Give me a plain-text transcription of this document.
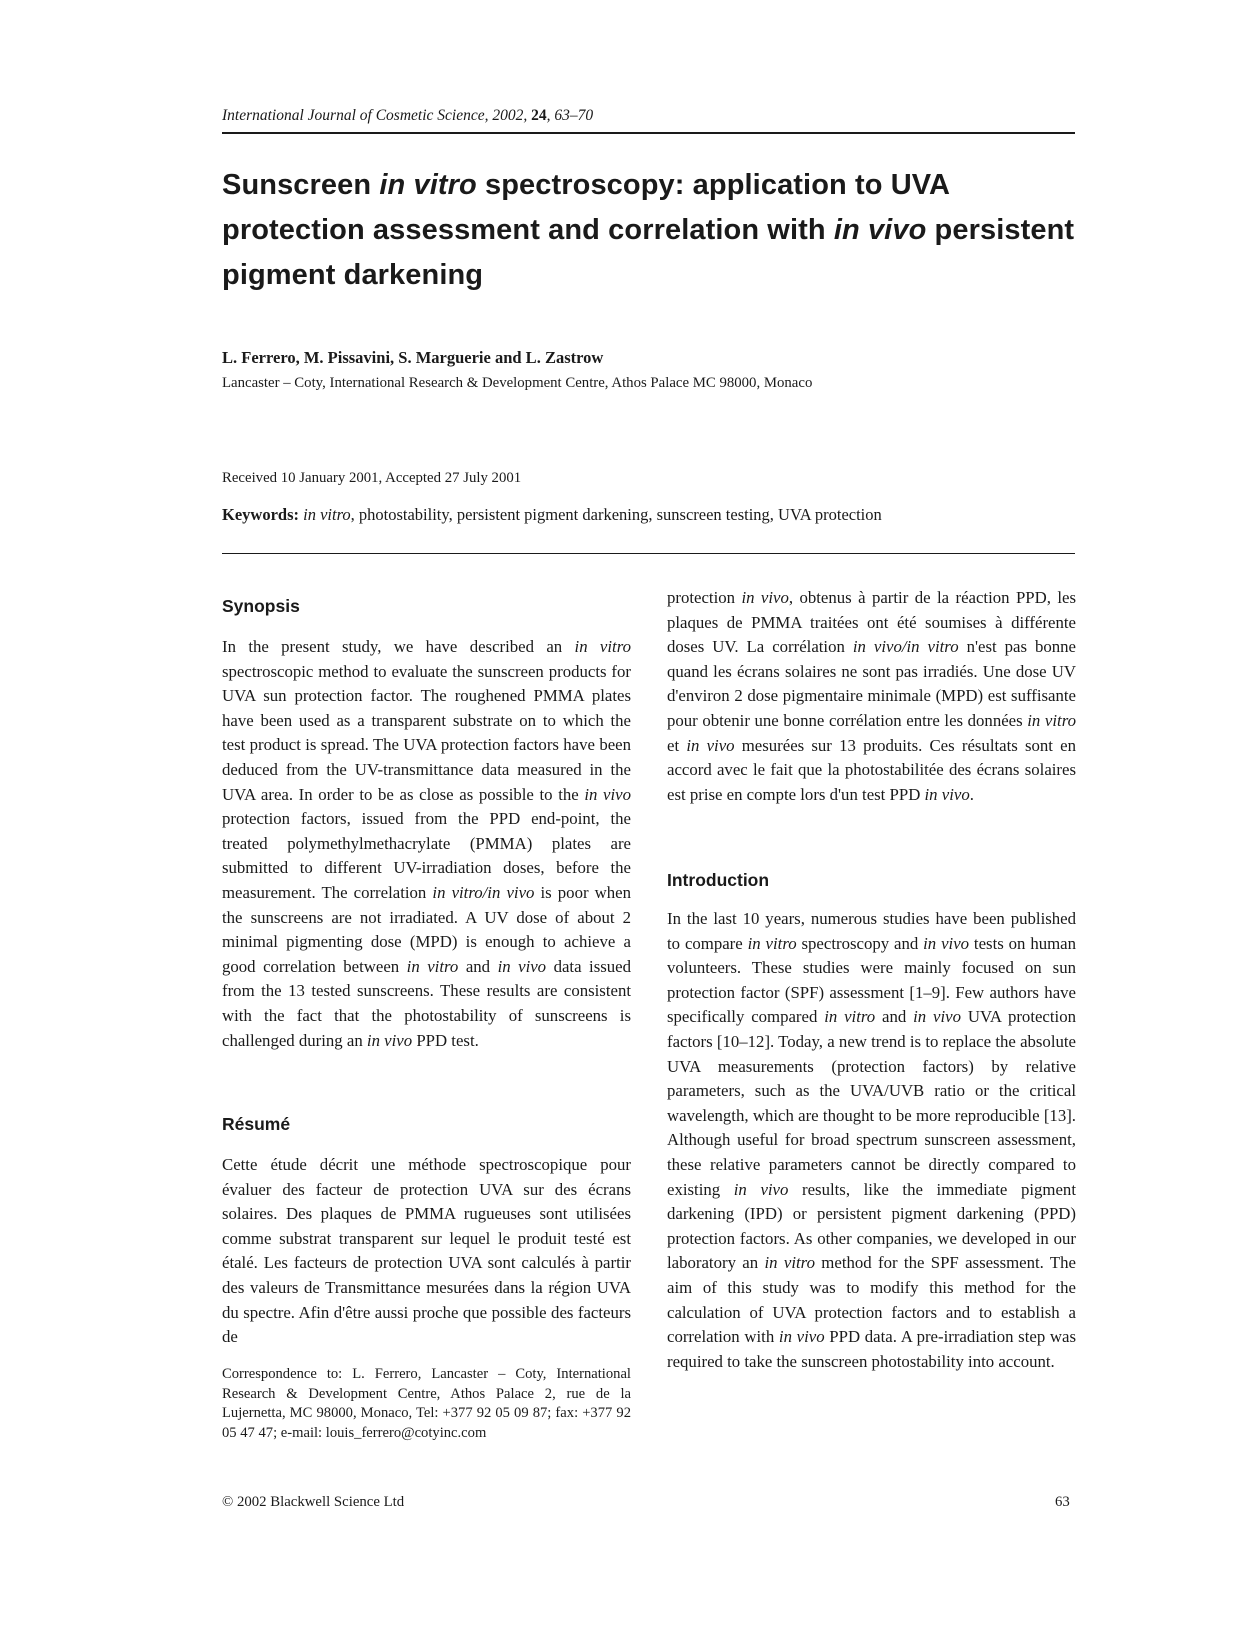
International Journal of Cosmetic Science, 2002, 24, 63–70
Sunscreen in vitro spectroscopy: application to UVA protection assessment and correlation with in vivo persistent pigment darkening
L. Ferrero, M. Pissavini, S. Marguerie and L. Zastrow
Lancaster – Coty, International Research & Development Centre, Athos Palace MC 98000, Monaco
Received 10 January 2001, Accepted 27 July 2001
Keywords: in vitro, photostability, persistent pigment darkening, sunscreen testing, UVA protection
Synopsis

In the present study, we have described an in vitro spectroscopic method to evaluate the sunscreen products for UVA sun protection factor. The roughened PMMA plates have been used as a transparent substrate on to which the test product is spread. The UVA protection factors have been deduced from the UV-transmittance data measured in the UVA area. In order to be as close as possible to the in vivo protection factors, issued from the PPD end-point, the treated polymethylmethacrylate (PMMA) plates are submitted to different UV-irradiation doses, before the measurement. The correlation in vitro/in vivo is poor when the sunscreens are not irradiated. A UV dose of about 2 minimal pigmenting dose (MPD) is enough to achieve a good correlation between in vitro and in vivo data issued from the 13 tested sunscreens. These results are consistent with the fact that the photostability of sunscreens is challenged during an in vivo PPD test.

Résumé

Cette étude décrit une méthode spectroscopique pour évaluer des facteur de protection UVA sur des écrans solaires. Des plaques de PMMA rugueuses sont utilisées comme substrat transparent sur lequel le produit testé est étalé. Les facteurs de protection UVA sont calculés à partir des valeurs de Transmittance mesurées dans la région UVA du spectre. Afin d'être aussi proche que possible des facteurs de

Correspondence to: L. Ferrero, Lancaster – Coty, International Research & Development Centre, Athos Palace 2, rue de la Lujernetta, MC 98000, Monaco, Tel: +377 92 05 09 87; fax: +377 92 05 47 47; e-mail: louis_ferrero@cotyinc.com

protection in vivo, obtenus à partir de la réaction PPD, les plaques de PMMA traitées ont été soumises à différente doses UV. La corrélation in vivo/in vitro n'est pas bonne quand les écrans solaires ne sont pas irradiés. Une dose UV d'environ 2 dose pigmentaire minimale (MPD) est suffisante pour obtenir une bonne corrélation entre les données in vitro et in vivo mesurées sur 13 produits. Ces résultats sont en accord avec le fait que la photostabilitée des écrans solaires est prise en compte lors d'un test PPD in vivo.

Introduction

In the last 10 years, numerous studies have been published to compare in vitro spectroscopy and in vivo tests on human volunteers. These studies were mainly focused on sun protection factor (SPF) assessment [1–9]. Few authors have specifically compared in vitro and in vivo UVA protection factors [10–12]. Today, a new trend is to replace the absolute UVA measurements (protection factors) by relative parameters, such as the UVA/UVB ratio or the critical wavelength, which are thought to be more reproducible [13]. Although useful for broad spectrum sunscreen assessment, these relative parameters cannot be directly compared to existing in vivo results, like the immediate pigment darkening (IPD) or persistent pigment darkening (PPD) protection factors. As other companies, we developed in our laboratory an in vitro method for the SPF assessment. The aim of this study was to modify this method for the calculation of UVA protection factors and to establish a correlation with in vivo PPD data. A pre-irradiation step was required to take the sunscreen photostability into account.

© 2002 Blackwell Science Ltd	63
